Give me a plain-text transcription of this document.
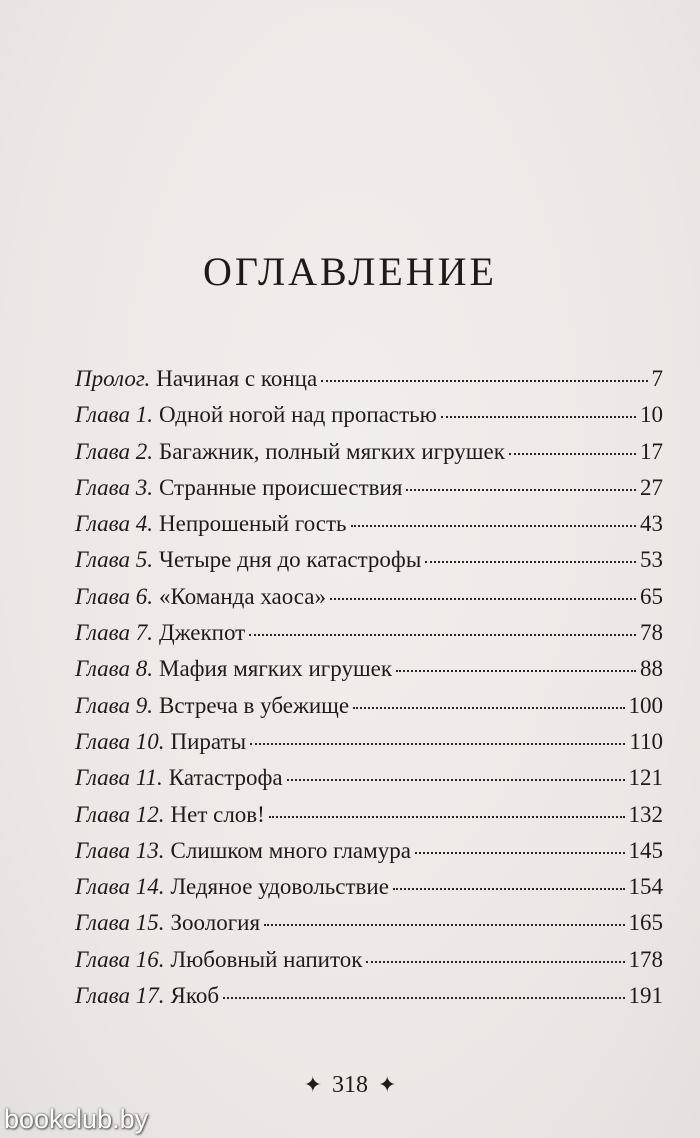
ОГЛАВЛЕНИЕ
Пролог. Начиная с конца	7
Глава 1. Одной ногой над пропастью	10
Глава 2. Багажник, полный мягких игрушек	17
Глава 3. Странные происшествия	27
Глава 4. Непрошеный гость	43
Глава 5. Четыре дня до катастрофы	53
Глава 6. «Команда хаоса»	65
Глава 7. Джекпот	78
Глава 8. Мафия мягких игрушек	88
Глава 9. Встреча в убежище	100
Глава 10. Пираты	110
Глава 11. Катастрофа	121
Глава 12. Нет слов!	132
Глава 13. Слишком много гламура	145
Глава 14. Ледяное удовольствие	154
Глава 15. Зоология	165
Глава 16. Любовный напиток	178
Глава 17. Якоб	191
✦ 318 ✦
bookclub.by
